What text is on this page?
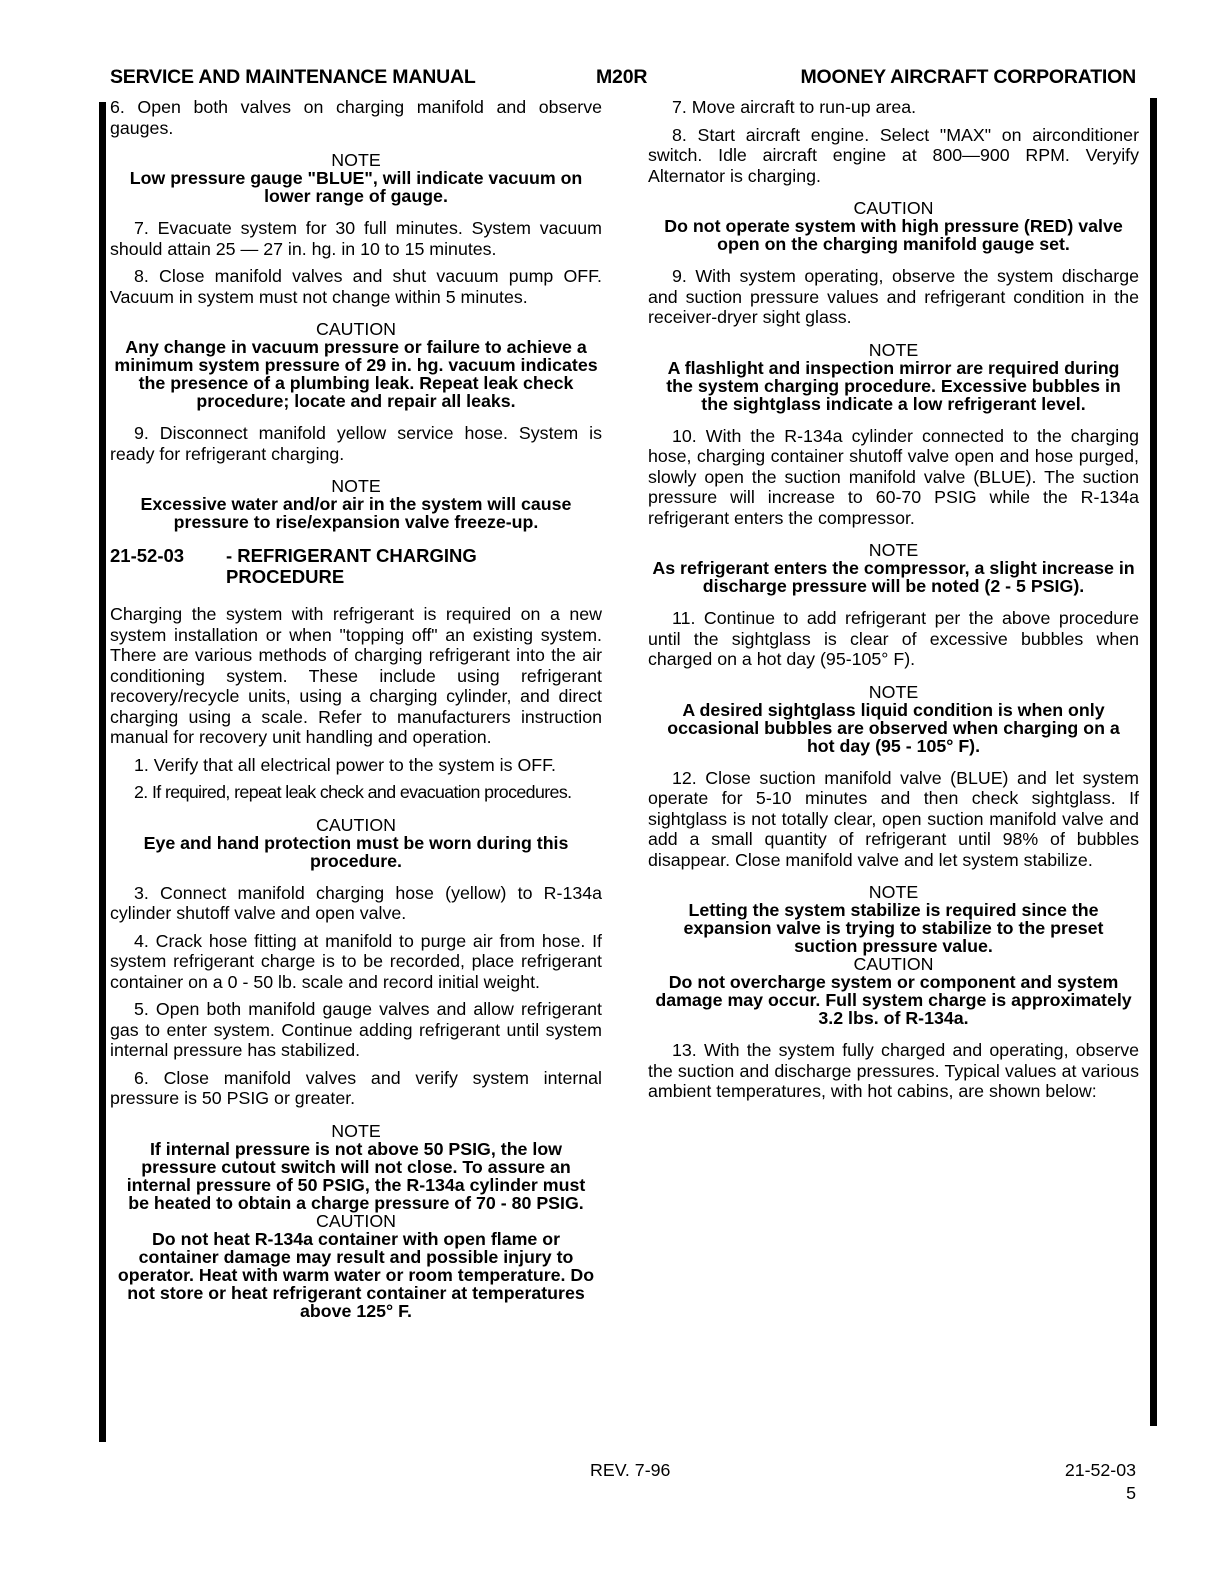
SERVICE AND MAINTENANCE MANUAL	M20R	MOONEY AIRCRAFT CORPORATION

6. Open both valves on charging manifold and observe gauges.

NOTE
Low pressure gauge "BLUE", will indicate vacuum on lower range of gauge.

7. Evacuate system for 30 full minutes. System vacuum should attain 25 — 27 in. hg. in 10 to 15 minutes.

8. Close manifold valves and shut vacuum pump OFF. Vacuum in system must not change within 5 minutes.

CAUTION
Any change in vacuum pressure or failure to achieve a minimum system pressure of 29 in. hg. vacuum indicates the presence of a plumbing leak. Repeat leak check procedure; locate and repair all leaks.

9. Disconnect manifold yellow service hose. System is ready for refrigerant charging.

NOTE
Excessive water and/or air in the system will cause pressure to rise/expansion valve freeze-up.
21-52-03	- REFRIGERANT CHARGING PROCEDURE

Charging the system with refrigerant is required on a new system installation or when "topping off" an existing system. There are various methods of charging refrigerant into the air conditioning system. These include using refrigerant recovery/recycle units, using a charging cylinder, and direct charging using a scale. Refer to manufacturers instruction manual for recovery unit handling and operation.

1. Verify that all electrical power to the system is OFF.

2. If required, repeat leak check and evacuation procedures.

CAUTION
Eye and hand protection must be worn during this procedure.

3. Connect manifold charging hose (yellow) to R-134a cylinder shutoff valve and open valve.

4. Crack hose fitting at manifold to purge air from hose. If system refrigerant charge is to be recorded, place refrigerant container on a 0 - 50 lb. scale and record initial weight.

5. Open both manifold gauge valves and allow refrigerant gas to enter system. Continue adding refrigerant until system internal pressure has stabilized.

6. Close manifold valves and verify system internal pressure is 50 PSIG or greater.

NOTE
If internal pressure is not above 50 PSIG, the low pressure cutout switch will not close. To assure an internal pressure of 50 PSIG, the R-134a cylinder must be heated to obtain a charge pressure of 70 - 80 PSIG.
CAUTION
Do not heat R-134a container with open flame or container damage may result and possible injury to operator. Heat with warm water or room temperature. Do not store or heat refrigerant container at temperatures above 125° F.

7. Move aircraft to run-up area.

8. Start aircraft engine. Select "MAX" on airconditioner switch. Idle aircraft engine at 800—900 RPM. Veryify Alternator is charging.

CAUTION
Do not operate system with high pressure (RED) valve open on the charging manifold gauge set.

9. With system operating, observe the system discharge and suction pressure values and refrigerant condition in the receiver-dryer sight glass.

NOTE
A flashlight and inspection mirror are required during the system charging procedure. Excessive bubbles in the sightglass indicate a low refrigerant level.

10. With the R-134a cylinder connected to the charging hose, charging container shutoff valve open and hose purged, slowly open the suction manifold valve (BLUE). The suction pressure will increase to 60-70 PSIG while the R-134a refrigerant enters the compressor.

NOTE
As refrigerant enters the compressor, a slight increase in discharge pressure will be noted (2 - 5 PSIG).

11. Continue to add refrigerant per the above procedure until the sightglass is clear of excessive bubbles when charged on a hot day (95-105° F).

NOTE
A desired sightglass liquid condition is when only occasional bubbles are observed when charging on a hot day (95 - 105° F).

12. Close suction manifold valve (BLUE) and let system operate for 5-10 minutes and then check sightglass. If sightglass is not totally clear, open suction manifold valve and add a small quantity of refrigerant until 98% of bubbles disappear. Close manifold valve and let system stabilize.

NOTE
Letting the system stabilize is required since the expansion valve is trying to stabilize to the preset suction pressure value.
CAUTION
Do not overcharge system or component and system damage may occur. Full system charge is approximately 3.2 lbs. of R-134a.

13. With the system fully charged and operating, observe the suction and discharge pressures. Typical values at various ambient temperatures, with hot cabins, are shown below:

REV. 7-96	21-52-03
5
